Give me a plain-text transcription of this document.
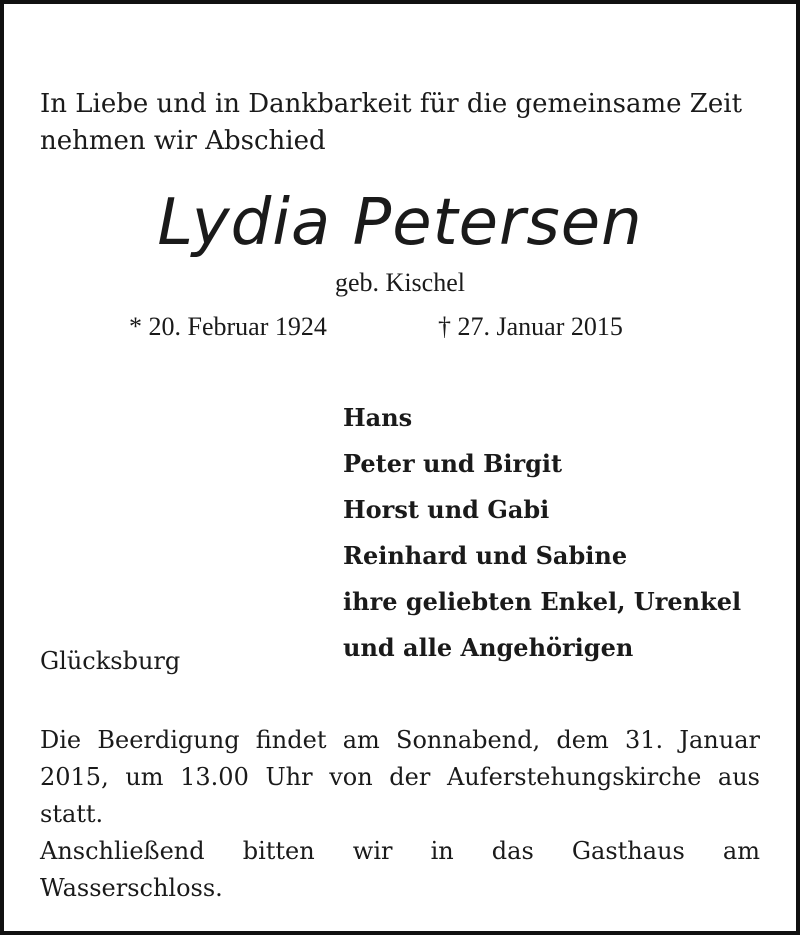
In Liebe und in Dankbarkeit für die gemeinsame Zeit
nehmen wir Abschied
Lydia Petersen
geb. Kischel
* 20. Februar 1924	† 27. Januar 2015
Hans
Peter und Birgit
Horst und Gabi
Reinhard und Sabine
ihre geliebten Enkel, Urenkel
und alle Angehörigen
Glücksburg

Die Beerdigung findet am Sonnabend, dem 31. Januar 2015, um 13.00 Uhr von der Auferstehungskirche aus statt.

Anschließend bitten wir in das Gasthaus am Wasserschloss.
